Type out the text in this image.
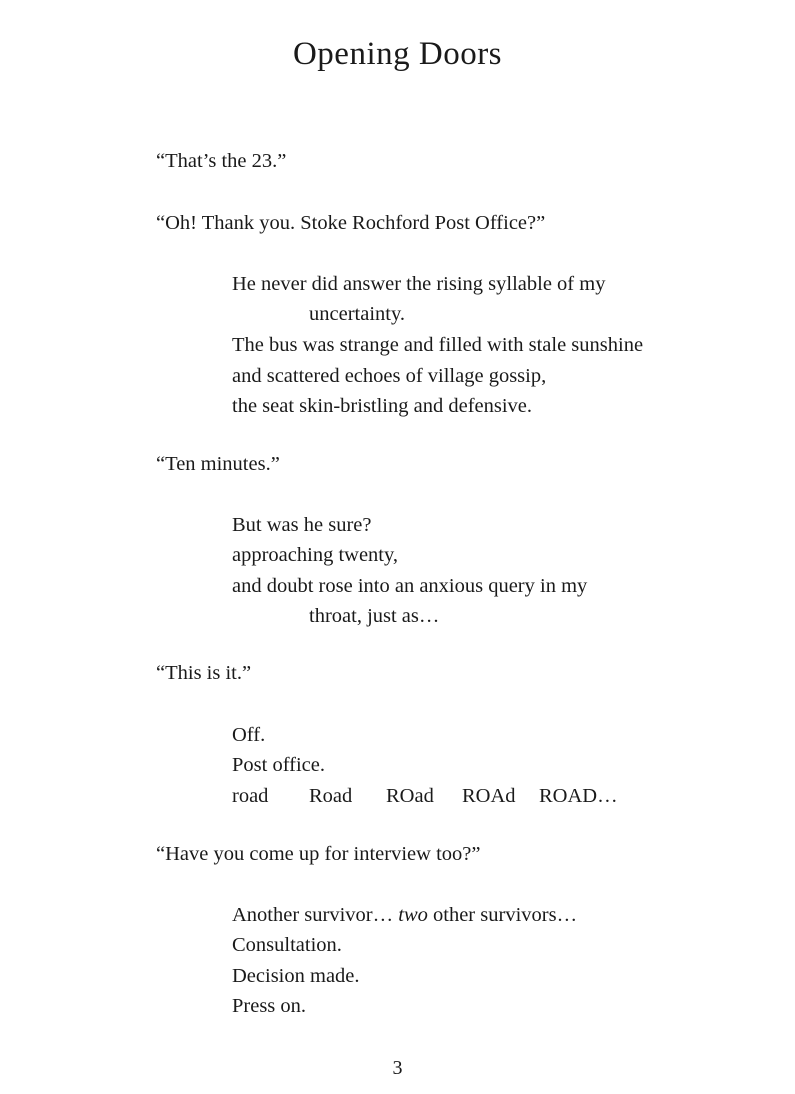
Opening Doors
“That’s the 23.”
“Oh! Thank you. Stoke Rochford Post Office?”
He never did answer the rising syllable of my
uncertainty.
The bus was strange and filled with stale sunshine
and scattered echoes of village gossip,
the seat skin-bristling and defensive.
“Ten minutes.”
But was he sure?
approaching twenty,
and doubt rose into an anxious query in my
throat, just as…
“This is it.”
Off.
Post office.
road Road ROad ROAd ROAD…
“Have you come up for interview too?”
Another survivor… two other survivors…
Consultation.
Decision made.
Press on.
3
